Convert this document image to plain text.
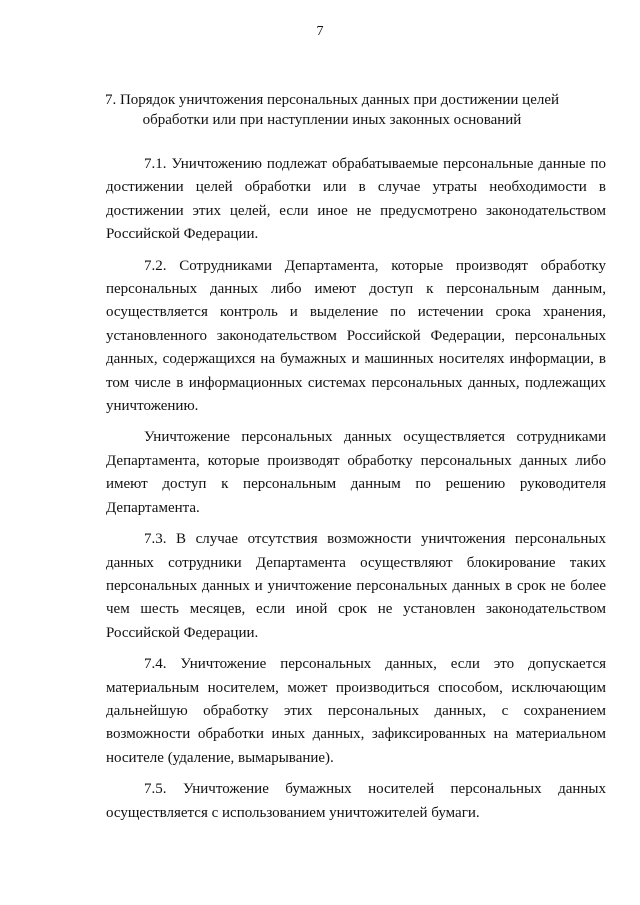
7
7. Порядок уничтожения персональных данных при достижении целей обработки или при наступлении иных законных оснований

7.1. Уничтожению подлежат обрабатываемые персональные данные по достижении целей обработки или в случае утраты необходимости в достижении этих целей, если иное не предусмотрено законодательством Российской Федерации.

7.2. Сотрудниками Департамента, которые производят обработку персональных данных либо имеют доступ к персональным данным, осуществляется контроль и выделение по истечении срока хранения, установленного законодательством Российской Федерации, персональных данных, содержащихся на бумажных и машинных носителях информации, в том числе в информационных системах персональных данных, подлежащих уничтожению.

Уничтожение персональных данных осуществляется сотрудниками Департамента, которые производят обработку персональных данных либо имеют доступ к персональным данным по решению руководителя Департамента.

7.3. В случае отсутствия возможности уничтожения персональных данных сотрудники Департамента осуществляют блокирование таких персональных данных и уничтожение персональных данных в срок не более чем шесть месяцев, если иной срок не установлен законодательством Российской Федерации.

7.4. Уничтожение персональных данных, если это допускается материальным носителем, может производиться способом, исключающим дальнейшую обработку этих персональных данных, с сохранением возможности обработки иных данных, зафиксированных на материальном носителе (удаление, вымарывание).

7.5. Уничтожение бумажных носителей персональных данных осуществляется с использованием уничтожителей бумаги.
